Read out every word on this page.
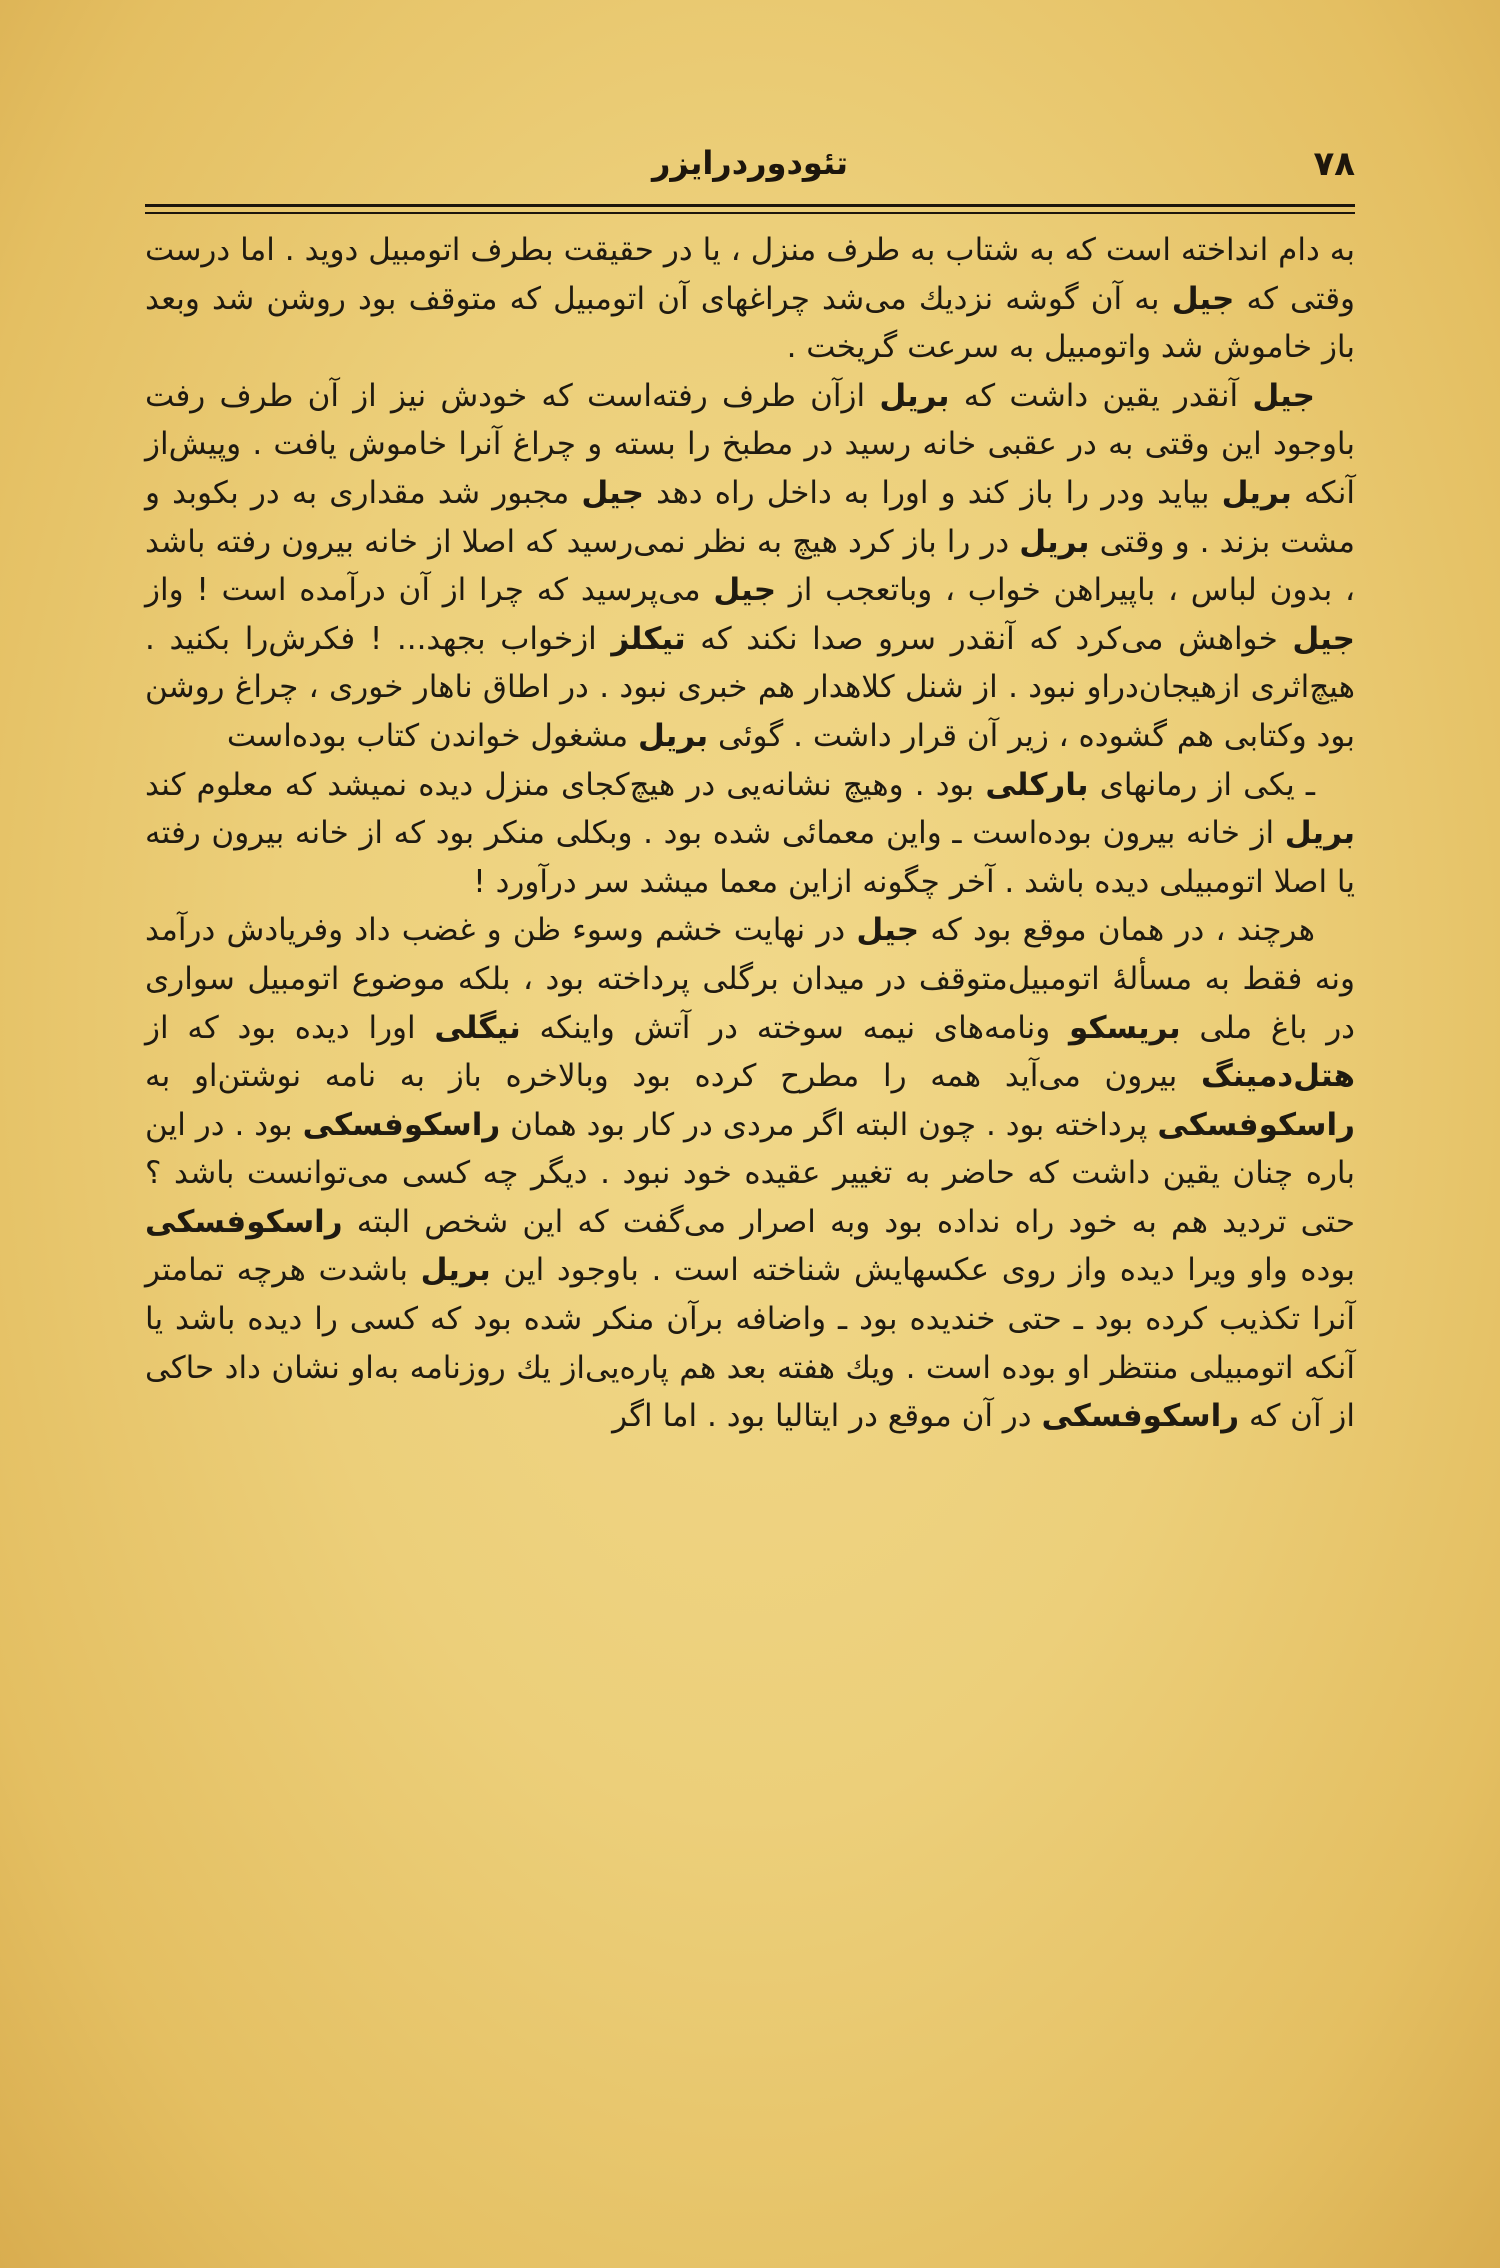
۷۸
تئودوردرایزر

به دام انداخته است که به شتاب به طرف منزل ، یا در حقیقت بطرف اتومبیل دوید . اما درست وقتی که جیل به آن گوشه نزدیك می‌شد چراغهای آن اتومبیل که متوقف بود روشن شد وبعد باز خاموش شد واتومبیل به سرعت گریخت .

جیل آنقدر یقین داشت که بریل ازآن طرف رفته‌است که خودش نیز از آن طرف رفت باوجود این وقتی به در عقبی خانه رسید در مطبخ را بسته و چراغ آنرا خاموش یافت . وپیش‌از آنکه بریل بیاید ودر را باز کند و اورا به داخل راه دهد جیل مجبور شد مقداری به در بکوبد و مشت بزند . و وقتی بریل در را باز کرد هیچ به نظر نمی‌رسید که اصلا از خانه بیرون رفته باشد ، بدون لباس ، باپیراهن خواب ، وباتعجب از جیل می‌پرسید که چرا از آن درآمده است ! واز جیل خواهش می‌کرد که آنقدر سرو صدا نکند که تیکلز ازخواب بجهد... ! فکرش‌را بکنید . هیچ‌اثری ازهیجان‌دراو نبود . از شنل کلاهدار هم خبری نبود . در اطاق ناهار خوری ، چراغ روشن بود وکتابی هم گشوده ، زیر آن قرار داشت . گوئی بریل مشغول خواندن کتاب بوده‌است

ـ یکی از رمانهای بارکلی بود . وهیچ نشانه‌یی در هیچ‌کجای منزل دیده نمیشد که معلوم کند بریل از خانه بیرون بوده‌است ـ واین معمائی شده بود . وبکلی منکر بود که از خانه بیرون رفته یا اصلا اتومبیلی دیده باشد . آخر چگونه ازاین معما میشد سر درآورد !

هرچند ، در همان موقع بود که جیل در نهایت خشم وسوء ظن و غضب داد وفریادش درآمد ونه فقط به مسألهٔ اتومبیل‌متوقف در میدان برگلی پرداخته بود ، بلکه موضوع اتومبیل سواری در باغ ملی بریسکو ونامه‌های نیمه سوخته در آتش واینکه نیگلی اورا دیده بود که از هتل‌دمینگ بیرون می‌آید همه را مطرح کرده بود وبالاخره باز به نامه نوشتن‌او به راسکوفسکی پرداخته بود . چون البته اگر مردی در کار بود همان راسکوفسکی بود . در این باره چنان یقین داشت که حاضر به تغییر عقیده خود نبود . دیگر چه کسی می‌توانست باشد ؟ حتی تردید هم به خود راه نداده بود وبه اصرار می‌گفت که این شخص البته راسکوفسکی بوده واو ویرا دیده واز روی عکسهایش شناخته است . باوجود این بریل باشدت هرچه تمامتر آنرا تکذیب کرده بود ـ حتی خندیده بود ـ واضافه برآن منکر شده بود که کسی را دیده باشد یا آنکه اتومبیلی منتظر او بوده است . ویك هفته بعد هم پاره‌یی‌از یك روزنامه به‌او نشان داد حاکی از آن که راسکوفسکی در آن موقع در ایتالیا بود . اما اگر
